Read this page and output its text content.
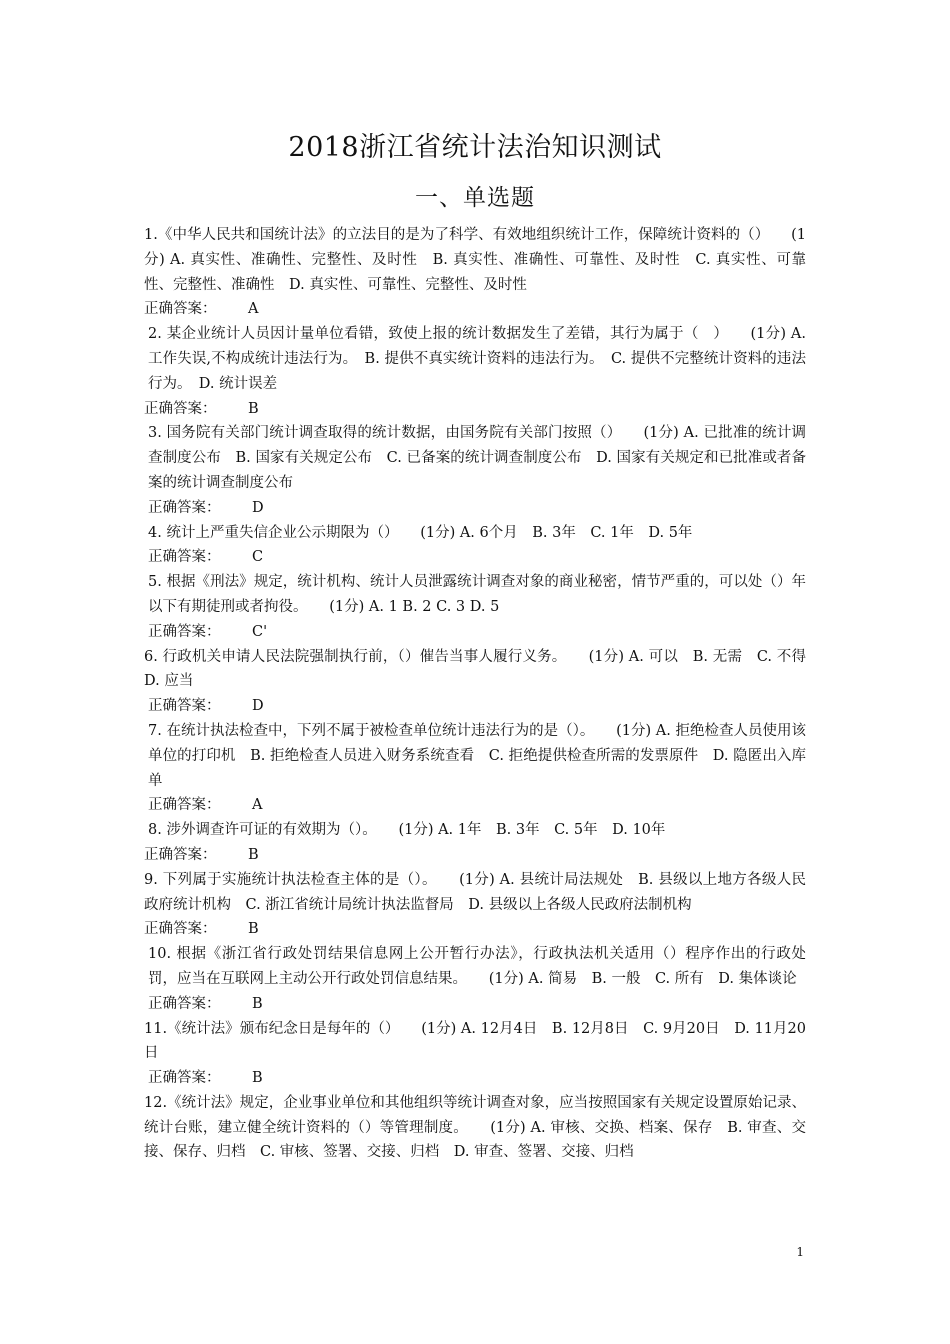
2018浙江省统计法治知识测试
一、单选题

1.《中华人民共和国统计法》的立法目的是为了科学、有效地组织统计工作，保障统计资料的（）　　(1分) A. 真实性、准确性、完整性、及时性　B. 真实性、准确性、可靠性、及时性　C. 真实性、可靠性、完整性、准确性　D. 真实性、可靠性、完整性、及时性

正确答案： A

2. 某企业统计人员因计量单位看错，致使上报的统计数据发生了差错，其行为属于（　）　　(1分) A. 工作失误,不构成统计违法行为。　B. 提供不真实统计资料的违法行为。　C. 提供不完整统计资料的违法行为。　D. 统计误差

正确答案： B

3. 国务院有关部门统计调查取得的统计数据，由国务院有关部门按照（）　　(1分) A. 已批准的统计调查制度公布　B. 国家有关规定公布　C. 已备案的统计调查制度公布　D. 国家有关规定和已批准或者备案的统计调查制度公布

正确答案： D

4. 统计上严重失信企业公示期限为（）　　(1分) A. 6个月　B. 3年　C. 1年　D. 5年

正确答案： C

5. 根据《刑法》规定，统计机构、统计人员泄露统计调查对象的商业秘密，情节严重的，可以处（）年以下有期徒刑或者拘役。　　(1分) A. 1 B. 2 C. 3 D. 5

正确答案： C'

6. 行政机关申请人民法院强制执行前，（）催告当事人履行义务。　　(1分) A. 可以　B. 无需　C. 不得　D. 应当

正确答案： D

7. 在统计执法检查中，下列不属于被检查单位统计违法行为的是（）。　　(1分) A. 拒绝检查人员使用该单位的打印机　B. 拒绝检查人员进入财务系统查看　C. 拒绝提供检查所需的发票原件　D. 隐匿出入库单

正确答案： A

8. 涉外调查许可证的有效期为（）。　　(1分) A. 1年　B. 3年　C. 5年　D. 10年

正确答案： B

9. 下列属于实施统计执法检查主体的是（）。　　(1分) A. 县统计局法规处　B. 县级以上地方各级人民政府统计机构　C. 浙江省统计局统计执法监督局　D. 县级以上各级人民政府法制机构

正确答案： B

10. 根据《浙江省行政处罚结果信息网上公开暂行办法》，行政执法机关适用（）程序作出的行政处罚，应当在互联网上主动公开行政处罚信息结果。　　(1分) A. 简易　B. 一般　C. 所有　D. 集体谈论

正确答案： B

11.《统计法》颁布纪念日是每年的（）　　(1分) A. 12月4日　B. 12月8日　C. 9月20日　D. 11月20日

正确答案： B

12.《统计法》规定，企业事业单位和其他组织等统计调查对象，应当按照国家有关规定设置原始记录、统计台账，建立健全统计资料的（）等管理制度。　　(1分) A. 审核、交换、档案、保存　B. 审查、交接、保存、归档　C. 审核、签署、交接、归档　D. 审查、签署、交接、归档

1
